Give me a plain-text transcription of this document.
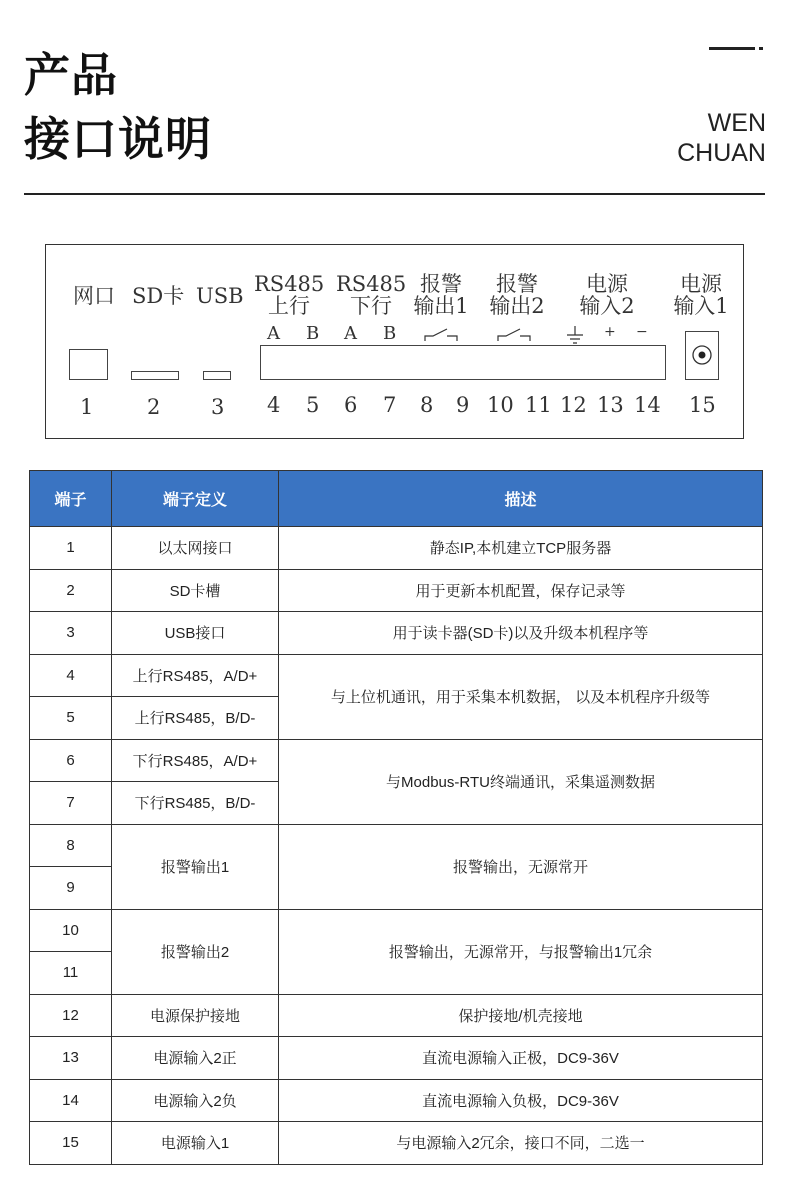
产品
接口说明	WEN
CHUAN
网口 SD卡 USB RS485
上行
RS485
下行
报警
输出1
报警
输出2
电源
输入2
电源
输入1
A B A B	+ −
1	2 3 4 5 6 7 8 9 10 11 12 13 14 15
端子	端子定义	描述
1	以太网接口	静态IP,本机建立TCP服务器
2	SD卡槽	用于更新本机配置，保存记录等
3	USB接口	用于读卡器(SD卡)以及升级本机程序等
4	上行RS485，A/D+	与上位机通讯，用于采集本机数据， 以及本机程序升级等
5	上行RS485，B/D-	
6	下行RS485，A/D+	与Modbus-RTU终端通讯，采集遥测数据
7	下行RS485，B/D-	
8	报警输出1	报警输出，无源常开
9		
10	报警输出2	报警输出，无源常开，与报警输出1冗余
11		
12	电源保护接地	保护接地/机壳接地
13	电源输入2正	直流电源输入正极，DC9-36V
14	电源输入2负	直流电源输入负极，DC9-36V
15	电源输入1	与电源输入2冗余，接口不同，二选一
